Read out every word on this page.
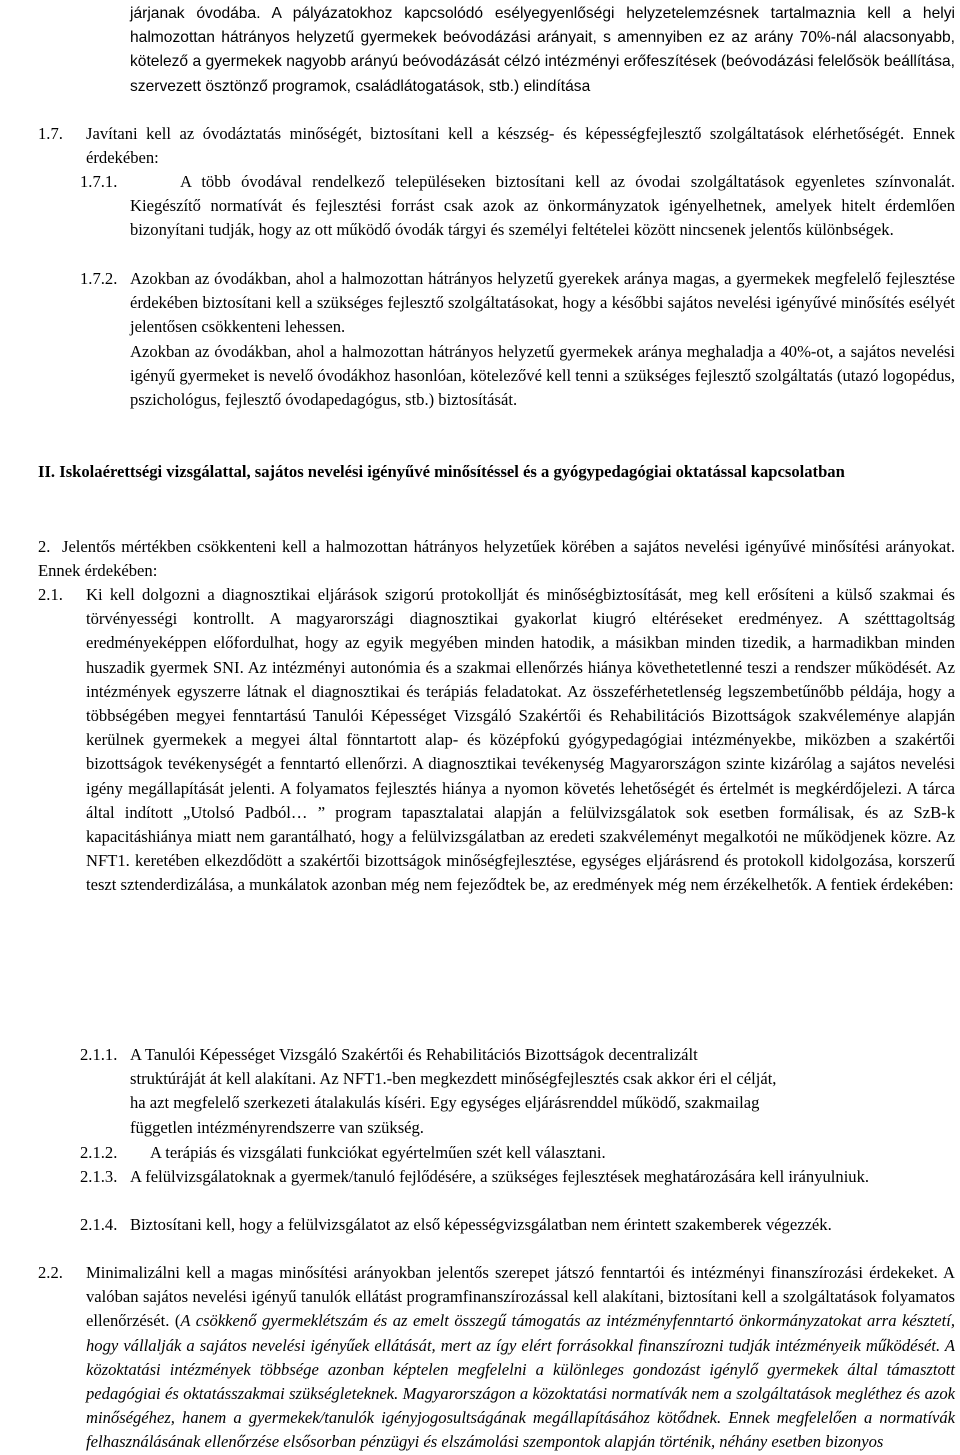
járjanak óvodába. A pályázatokhoz kapcsolódó esélyegyenlőségi helyzetelemzésnek tartalmaznia kell a helyi halmozottan hátrányos helyzetű gyermekek beóvodázási arányait, s amennyiben ez az arány 70%-nál alacsonyabb, kötelező a gyermekek nagyobb arányú beóvodázását célzó intézményi erőfeszítések (beóvodázási felelősök beállítása, szervezett ösztönző programok, családlátogatások, stb.) elindítása

1.7.	Javítani kell az óvodáztatás minőségét, biztosítani kell a készség- és képességfejlesztő szolgáltatások elérhetőségét. Ennek érdekében:

1.7.1.	A több óvodával rendelkező településeken biztosítani kell az óvodai szolgáltatások egyenletes színvonalát. Kiegészítő normatívát és fejlesztési forrást csak azok az önkormányzatok igényelhetnek, amelyek hitelt érdemlően bizonyítani tudják, hogy az ott működő óvodák tárgyi és személyi feltételei között nincsenek jelentős különbségek.

1.7.2. Azokban az óvodákban, ahol a halmozottan hátrányos helyzetű gyerekek aránya magas, a gyermekek megfelelő fejlesztése érdekében biztosítani kell a szükséges fejlesztő szolgáltatásokat, hogy a későbbi sajátos nevelési igényűvé minősítés esélyét jelentősen csökkenteni lehessen.

Azokban az óvodákban, ahol a halmozottan hátrányos helyzetű gyermekek aránya meghaladja a 40%-ot, a sajátos nevelési igényű gyermeket is nevelő óvodákhoz hasonlóan, kötelezővé kell tenni a szükséges fejlesztő szolgáltatás (utazó logopédus, pszichológus, fejlesztő óvodapedagógus, stb.) biztosítását.

II. Iskolaérettségi vizsgálattal, sajátos nevelési igényűvé minősítéssel és a gyógypedagógiai oktatással kapcsolatban

2. Jelentős mértékben csökkenteni kell a halmozottan hátrányos helyzetűek körében a sajátos nevelési igényűvé minősítési arányokat. Ennek érdekében:

2.1.	Ki kell dolgozni a diagnosztikai eljárások szigorú protokollját és minőségbiztosítását, meg kell erősíteni a külső szakmai és törvényességi kontrollt. A magyarországi diagnosztikai gyakorlat kiugró eltéréseket eredményez. A szétttagoltság eredményeképpen előfordulhat, hogy az egyik megyében minden hatodik, a másikban minden tizedik, a harmadikban minden huszadik gyermek SNI. Az intézményi autonómia és a szakmai ellenőrzés hiánya követhetetlenné teszi a rendszer működését. Az intézmények egyszerre látnak el diagnosztikai és terápiás feladatokat. Az összeférhetetlenség legszembetűnőbb példája, hogy a többségében megyei fenntartású Tanulói Képességet Vizsgáló Szakértői és Rehabilitációs Bizottságok szakvéleménye alapján kerülnek gyermekek a megyei által fönntartott alap- és középfokú gyógypedagógiai intézményekbe, miközben a szakértői bizottságok tevékenységét a fenntartó ellenőrzi. A diagnosztikai tevékenység Magyarországon szinte kizárólag a sajátos nevelési igény megállapítását jelenti. A folyamatos fejlesztés hiánya a nyomon követés lehetőségét és értelmét is megkérdőjelezi. A tárca által indított „Utolsó Padból… ” program tapasztalatai alapján a felülvizsgálatok sok esetben formálisak, és az SzB-k kapacitáshiánya miatt nem garantálható, hogy a felülvizsgálatban az eredeti szakvéleményt megalkotói ne működjenek közre. Az NFT1. keretében elkezdődött a szakértői bizottságok minőségfejlesztése, egységes eljárásrend és protokoll kidolgozása, korszerű teszt sztenderdizálása, a munkálatok azonban még nem fejeződtek be, az eredmények még nem érzékelhetők. A fentiek érdekében:

2.1.1. A Tanulói Képességet Vizsgáló Szakértői és Rehabilitációs Bizottságok decentralizált
struktúráját át kell alakítani. Az NFT1.-ben megkezdett minőségfejlesztés csak akkor éri el célját,
ha azt megfelelő szerkezeti átalakulás kíséri. Egy egységes eljárásrenddel működő, szakmailag
független intézményrendszerre van szükség.
2.1.2.	A terápiás és vizsgálati funkciókat egyértelműen szét kell választani.

2.1.3. A felülvizsgálatoknak a gyermek/tanuló fejlődésére, a szükséges fejlesztések meghatározására kell irányulniuk.

2.1.4. Biztosítani kell, hogy a felülvizsgálatot az első képességvizsgálatban nem érintett szakemberek végezzék.

2.2.	Minimalizálni kell a magas minősítési arányokban jelentős szerepet játszó fenntartói és intézményi finanszírozási érdekeket. A valóban sajátos nevelési igényű tanulók ellátást programfinanszírozással kell alakítani, biztosítani kell a szolgáltatások folyamatos ellenőrzését. (A csökkenő gyermeklétszám és az emelt összegű támogatás az intézményfenntartó önkormányzatokat arra késztetí, hogy vállalják a sajátos nevelési igényűek ellátását, mert az így elért forrásokkal finanszírozni tudják intézményeik működését. A közoktatási intézmények többsége azonban képtelen megfelelni a különleges gondozást igénylő gyermekek által támasztott pedagógiai és oktatásszakmai szükségleteknek. Magyarországon a közoktatási normatívák nem a szolgáltatások megléthez és azok minőségéhez, hanem a gyermekek/tanulók igényjogosultságának megállapításához kötődnek. Ennek megfelelően a normatívák felhasználásának ellenőrzése elsősorban pénzügyi és elszámolási szempontok alapján történik, néhány esetben bizonyos
